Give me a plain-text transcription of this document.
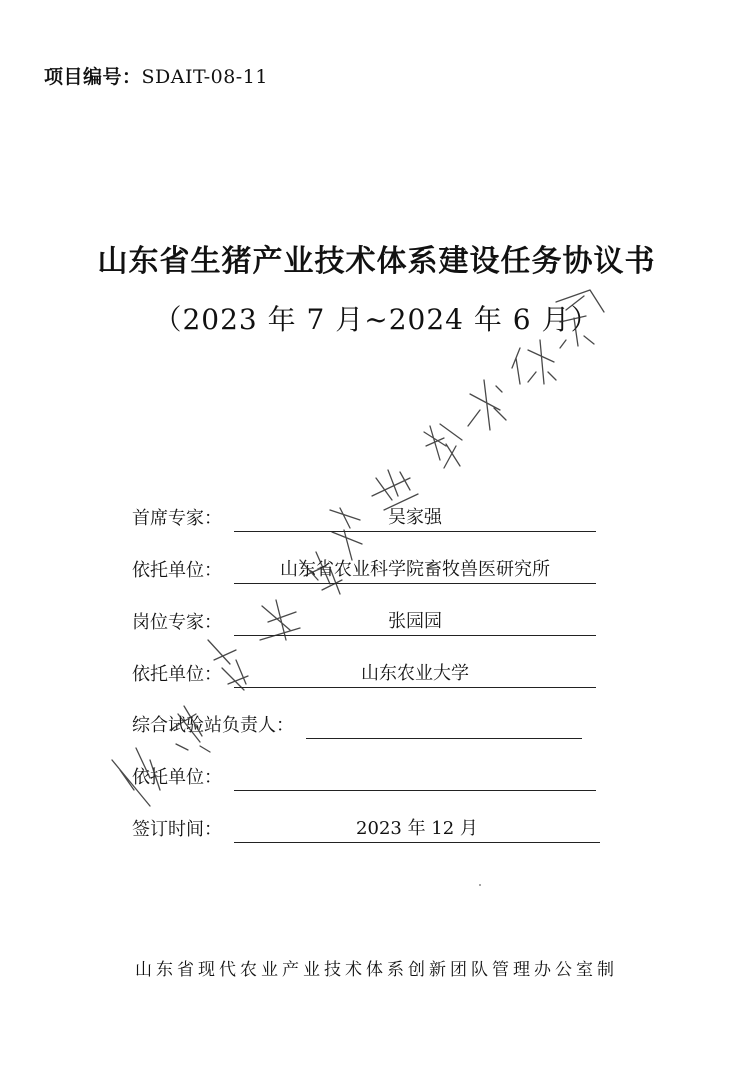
项目编号：SDAIT-08-11
山东省生猪产业技术体系建设任务协议书
（2023 年 7 月~2024 年 6 月）
首席专家：	吴家强
依托单位：	山东省农业科学院畜牧兽医研究所
岗位专家：	张园园
依托单位：	山东农业大学
综合试验站负责人：
依托单位：
签订时间：	2023 年 12 月
山东省现代农业产业技术体系创新团队管理办公室制
